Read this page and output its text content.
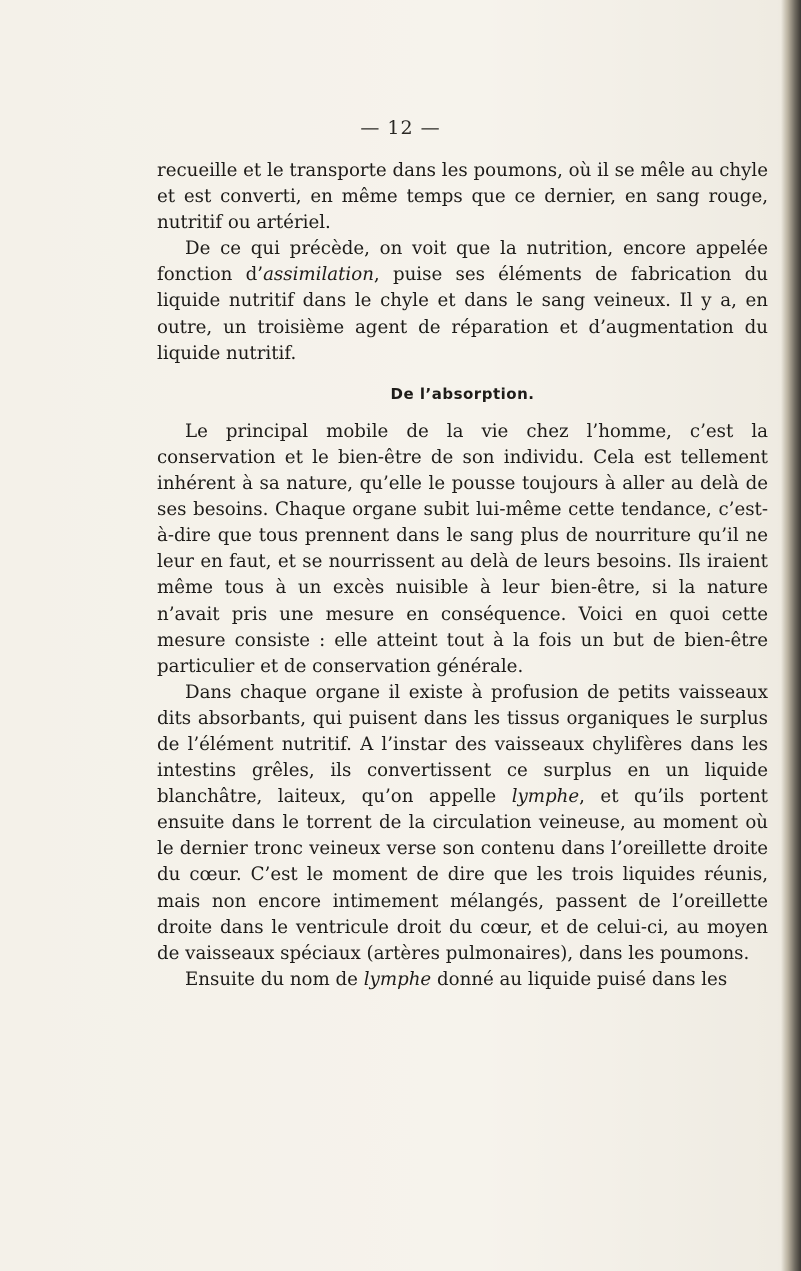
— 12 —

recueille et le transporte dans les poumons, où il se mêle au chyle et est converti, en même temps que ce dernier, en sang rouge, nutritif ou artériel.

De ce qui précède, on voit que la nutrition, encore appelée fonction d’assimilation, puise ses éléments de fabrication du liquide nutritif dans le chyle et dans le sang veineux. Il y a, en outre, un troisième agent de réparation et d’augmentation du liquide nutritif.

De l’absorption.

Le principal mobile de la vie chez l’homme, c’est la conservation et le bien-être de son individu. Cela est tellement inhérent à sa nature, qu’elle le pousse toujours à aller au delà de ses besoins. Chaque organe subit lui-même cette tendance, c’est-à-dire que tous prennent dans le sang plus de nourriture qu’il ne leur en faut, et se nourrissent au delà de leurs besoins. Ils iraient même tous à un excès nuisible à leur bien-être, si la nature n’avait pris une mesure en conséquence. Voici en quoi cette mesure consiste : elle atteint tout à la fois un but de bien-être particulier et de conservation générale.

Dans chaque organe il existe à profusion de petits vaisseaux dits absorbants, qui puisent dans les tissus organiques le surplus de l’élément nutritif. A l’instar des vaisseaux chylifères dans les intestins grêles, ils convertissent ce surplus en un liquide blanchâtre, laiteux, qu’on appelle lymphe, et qu’ils portent ensuite dans le torrent de la circulation veineuse, au moment où le dernier tronc veineux verse son contenu dans l’oreillette droite du cœur. C’est le moment de dire que les trois liquides réunis, mais non encore intimement mélangés, passent de l’oreillette droite dans le ventricule droit du cœur, et de celui-ci, au moyen de vaisseaux spéciaux (artères pulmonaires), dans les poumons.

Ensuite du nom de lymphe donné au liquide puisé dans les
